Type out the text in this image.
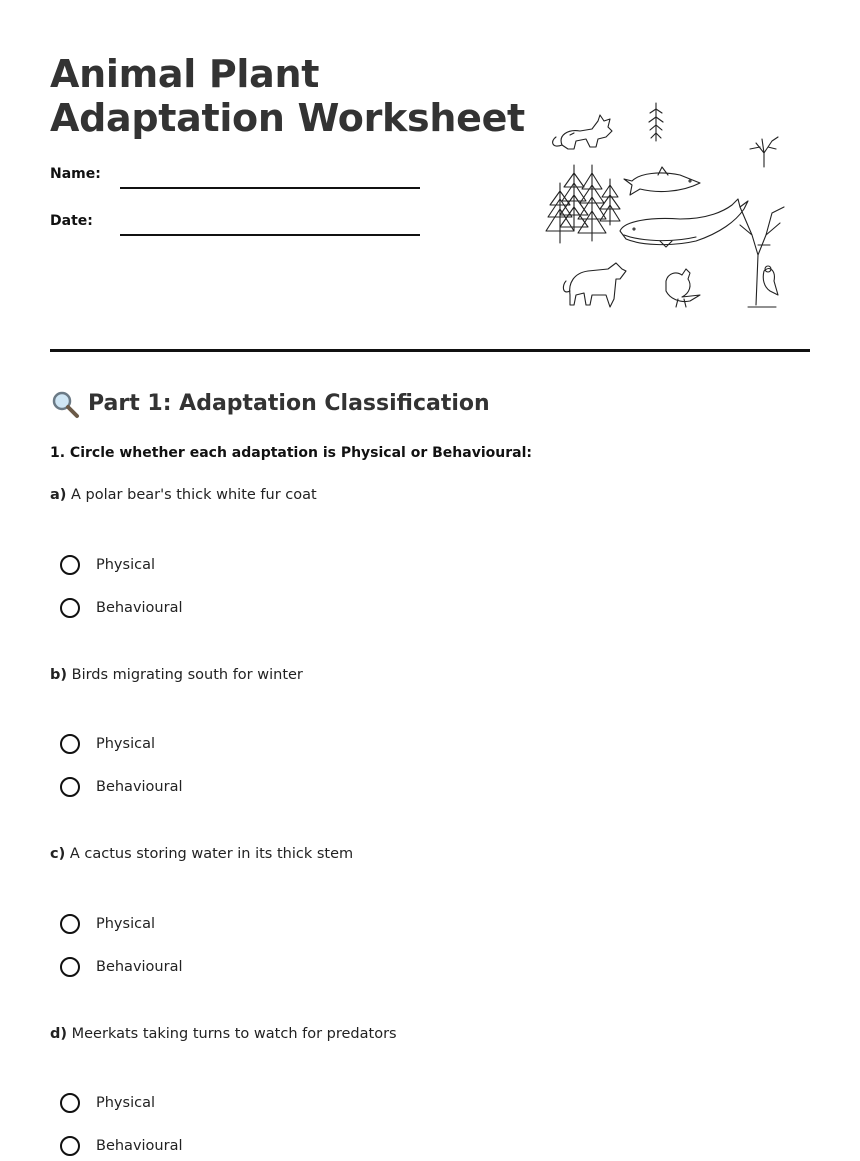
Animal Plant
Adaptation Worksheet
Name:
Date:
Part 1: Adaptation Classification

1. Circle whether each adaptation is Physical or Behavioural:

a) A polar bear's thick white fur coat

Physical
Behavioural

b) Birds migrating south for winter

Physical
Behavioural

c) A cactus storing water in its thick stem

Physical
Behavioural

d) Meerkats taking turns to watch for predators

Physical
Behavioural
